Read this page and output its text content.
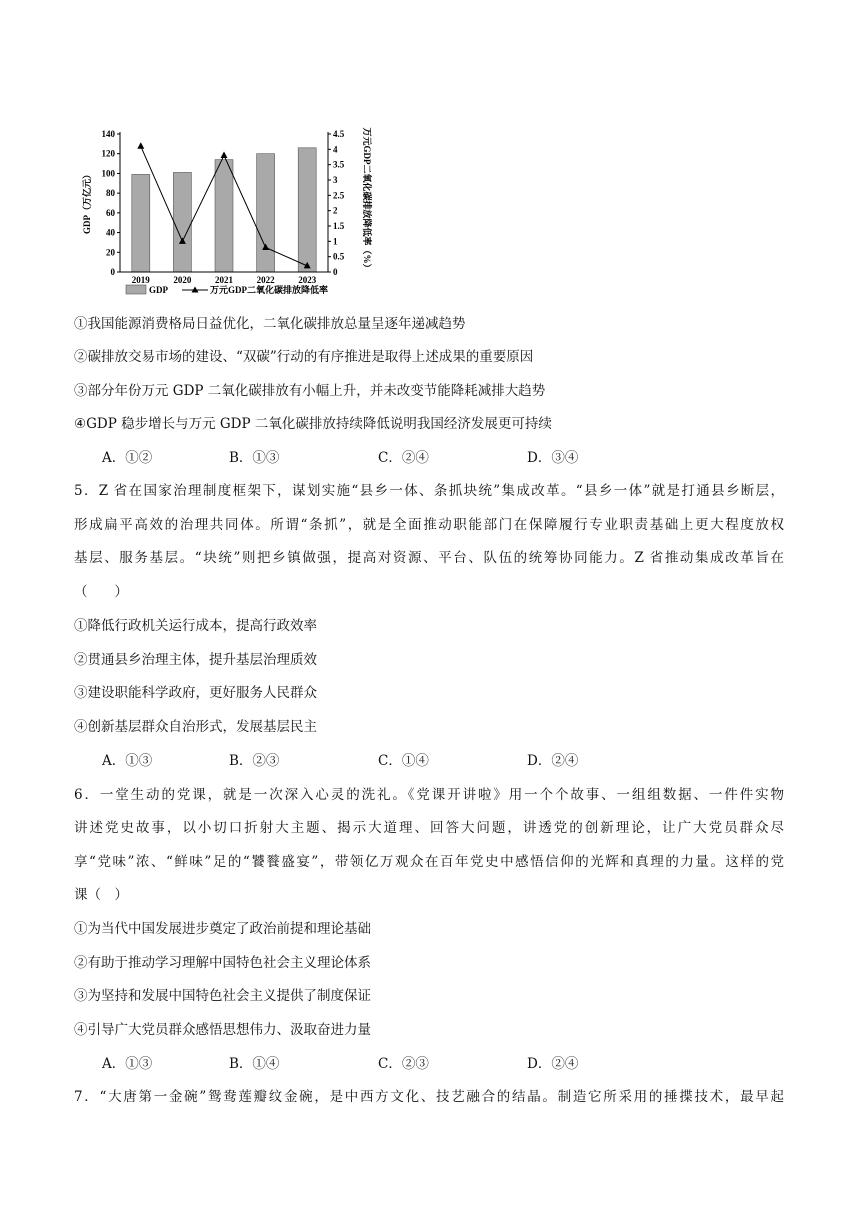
0
20
40
60
80
100
120
140
0
0.5
1
1.5
2
2.5
3
3.5
4
4.5
2019	2020	2021	2022	2023
GDP（万亿元）	万元GDP二氧化碳排放降低率（%）
GDP	万元GDP二氧化碳排放降低率
①我国能源消费格局日益优化，二氧化碳排放总量呈逐年递减趋势
②碳排放交易市场的建设、“双碳”行动的有序推进是取得上述成果的重要原因
③部分年份万元 GDP 二氧化碳排放有小幅上升，并未改变节能降耗减排大趋势
④GDP 稳步增长与万元 GDP 二氧化碳排放持续降低说明我国经济发展更可持续
A．①②	B．①③	C．②④	D．③④
5．Z 省在国家治理制度框架下，谋划实施“县乡一体、条抓块统”集成改革。“县乡一体”就是打通县乡断层，
形成扁平高效的治理共同体。所谓“条抓”，就是全面推动职能部门在保障履行专业职责基础上更大程度放权
基层、服务基层。“块统”则把乡镇做强，提高对资源、平台、队伍的统筹协同能力。Z 省推动集成改革旨在
（　　）
①降低行政机关运行成本，提高行政效率
②贯通县乡治理主体，提升基层治理质效
③建设职能科学政府，更好服务人民群众
④创新基层群众自治形式，发展基层民主
A．①③	B．②③	C．①④	D．②④
6．一堂生动的党课，就是一次深入心灵的洗礼。《党课开讲啦》用一个个故事、一组组数据、一件件实物
讲述党史故事，以小切口折射大主题、揭示大道理、回答大问题，讲透党的创新理论，让广大党员群众尽
享“党味”浓、“鲜味”足的“饕餮盛宴”，带领亿万观众在百年党史中感悟信仰的光辉和真理的力量。这样的党
课（　）
①为当代中国发展进步奠定了政治前提和理论基础
②有助于推动学习理解中国特色社会主义理论体系
③为坚持和发展中国特色社会主义提供了制度保证
④引导广大党员群众感悟思想伟力、汲取奋进力量
A．①③	B．①④	C．②③	D．②④
7．“大唐第一金碗”鸳鸯莲瓣纹金碗，是中西方文化、技艺融合的结晶。制造它所采用的捶揲技术，最早起
